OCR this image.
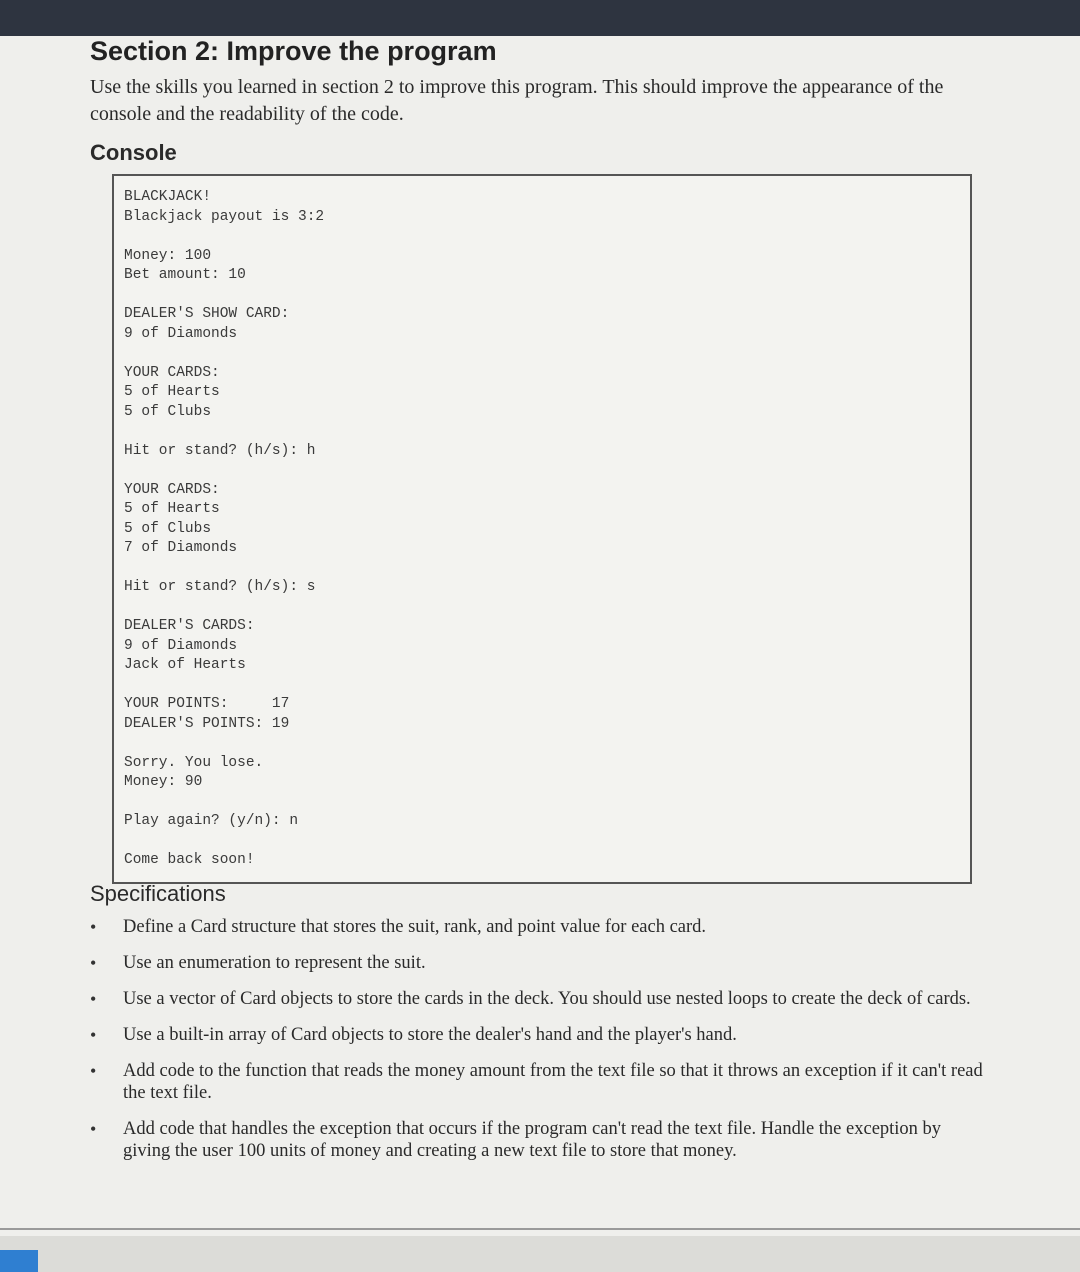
Section 2: Improve the program
Use the skills you learned in section 2 to improve this program. This should improve the appearance of the console and the readability of the code.
Console
BLACKJACK!
Blackjack payout is 3:2
Money: 100
Bet amount: 10
DEALER'S SHOW CARD:
9 of Diamonds
YOUR CARDS:
5 of Hearts
5 of Clubs
Hit or stand? (h/s): h
YOUR CARDS:
5 of Hearts
5 of Clubs
7 of Diamonds
Hit or stand? (h/s): s
DEALER'S CARDS:
9 of Diamonds
Jack of Hearts
YOUR POINTS:     17
DEALER'S POINTS: 19
Sorry. You lose.
Money: 90
Play again? (y/n): n
Come back soon!
Specifications
• Define a Card structure that stores the suit, rank, and point value for each card.
• Use an enumeration to represent the suit.
• Use a vector of Card objects to store the cards in the deck. You should use nested loops to create the deck of cards.
• Use a built-in array of Card objects to store the dealer's hand and the player's hand.
• Add code to the function that reads the money amount from the text file so that it throws an exception if it can't read the text file.
• Add code that handles the exception that occurs if the program can't read the text file. Handle the exception by giving the user 100 units of money and creating a new text file to store that money.
